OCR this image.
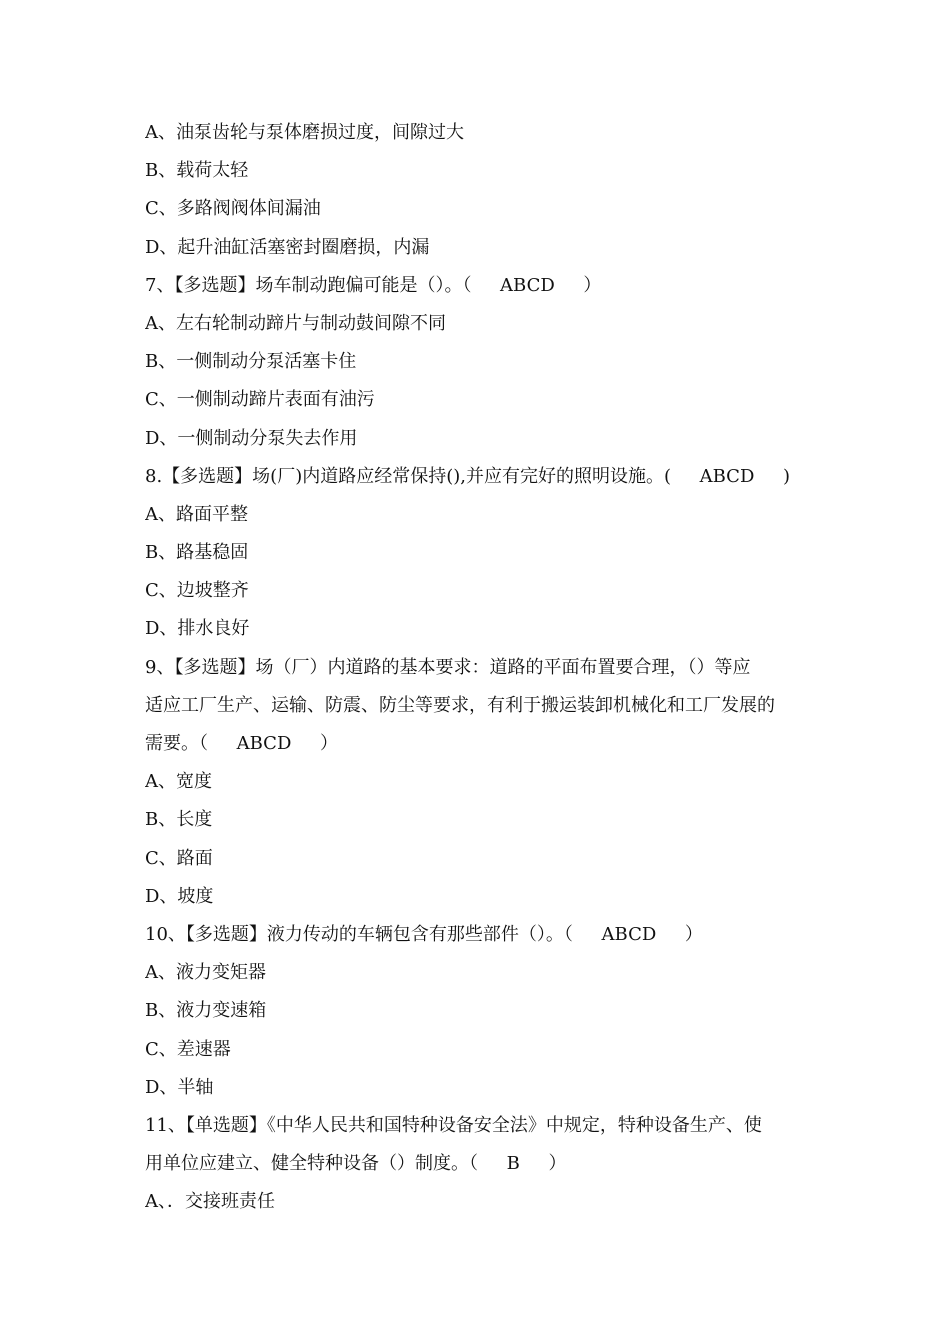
A、油泵齿轮与泵体磨损过度，间隙过大
B、载荷太轻
C、多路阀阀体间漏油
D、起升油缸活塞密封圈磨损，内漏
7、【多选题】场车制动跑偏可能是（）。（     ABCD     ）
A、左右轮制动蹄片与制动鼓间隙不同
B、一侧制动分泵活塞卡住
C、一侧制动蹄片表面有油污
D、一侧制动分泵失去作用
8.【多选题】场(厂)内道路应经常保持(),并应有完好的照明设施。(     ABCD     )
A、路面平整
B、路基稳固
C、边坡整齐
D、排水良好
9、【多选题】场（厂）内道路的基本要求：道路的平面布置要合理，（）等应
适应工厂生产、运输、防震、防尘等要求，有利于搬运装卸机械化和工厂发展的
需要。（     ABCD     ）
A、宽度
B、长度
C、路面
D、坡度
10、【多选题】液力传动的车辆包含有那些部件（）。（     ABCD     ）
A、液力变矩器
B、液力变速箱
C、差速器
D、半轴
11、【单选题】《中华人民共和国特种设备安全法》中规定，特种设备生产、使
用单位应建立、健全特种设备（）制度。（     B     ）
A、．交接班责任
